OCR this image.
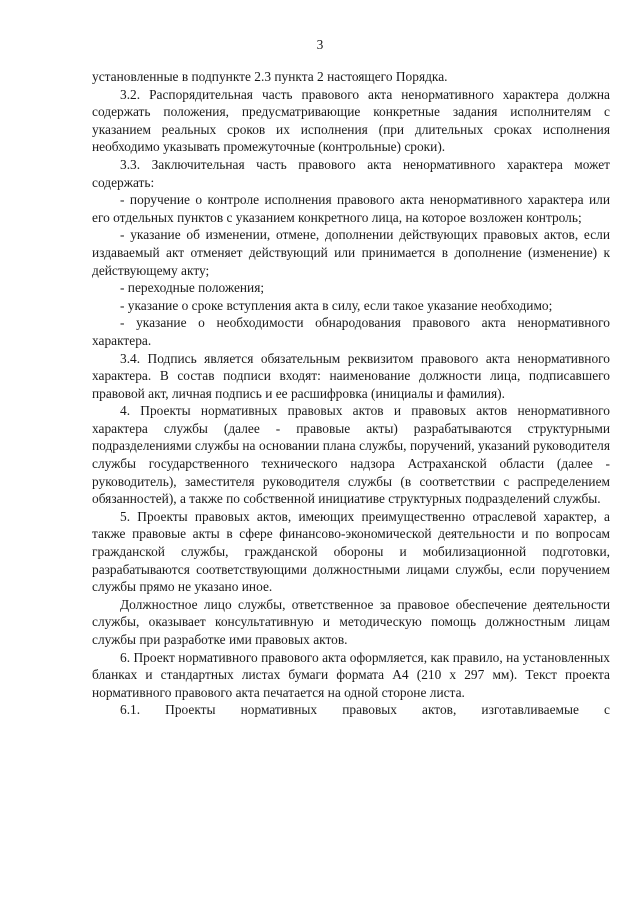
3

установленные в подпункте 2.3 пункта 2 настоящего Порядка.

3.2. Распорядительная часть правового акта ненормативного характера должна содержать положения, предусматривающие конкретные задания исполнителям с указанием реальных сроков их исполнения (при длительных сроках исполнения необходимо указывать промежуточные (контрольные) сроки).

3.3. Заключительная часть правового акта ненормативного характера может содержать:

- поручение о контроле исполнения правового акта ненормативного характера или его отдельных пунктов с указанием конкретного лица, на которое возложен контроль;

- указание об изменении, отмене, дополнении действующих правовых актов, если издаваемый акт отменяет действующий или принимается в дополнение (изменение) к действующему акту;

- переходные положения;

- указание о сроке вступления акта в силу, если такое указание необходимо;

- указание о необходимости обнародования правового акта ненормативного характера.

3.4. Подпись является обязательным реквизитом правового акта ненормативного характера. В состав подписи входят: наименование должности лица, подписавшего правовой акт, личная подпись и ее расшифровка (инициалы и фамилия).

4. Проекты нормативных правовых актов и правовых актов ненормативного характера службы (далее - правовые акты) разрабатываются структурными подразделениями службы на основании плана службы, поручений, указаний руководителя службы государственного технического надзора Астраханской области (далее - руководитель), заместителя руководителя службы (в соответствии с распределением обязанностей), а также по собственной инициативе структурных подразделений службы.

5. Проекты правовых актов, имеющих преимущественно отраслевой характер, а также правовые акты в сфере финансово-экономической деятельности и по вопросам гражданской службы, гражданской обороны и мобилизационной подготовки, разрабатываются соответствующими должностными лицами службы, если поручением службы прямо не указано иное.

Должностное лицо службы, ответственное за правовое обеспечение деятельности службы, оказывает консультативную и методическую помощь должностным лицам службы при разработке ими правовых актов.

6. Проект нормативного правового акта оформляется, как правило, на установленных бланках и стандартных листах бумаги формата А4 (210 x 297 мм). Текст проекта нормативного правового акта печатается на одной стороне листа.

6.1. Проекты нормативных правовых актов, изготавливаемые с
